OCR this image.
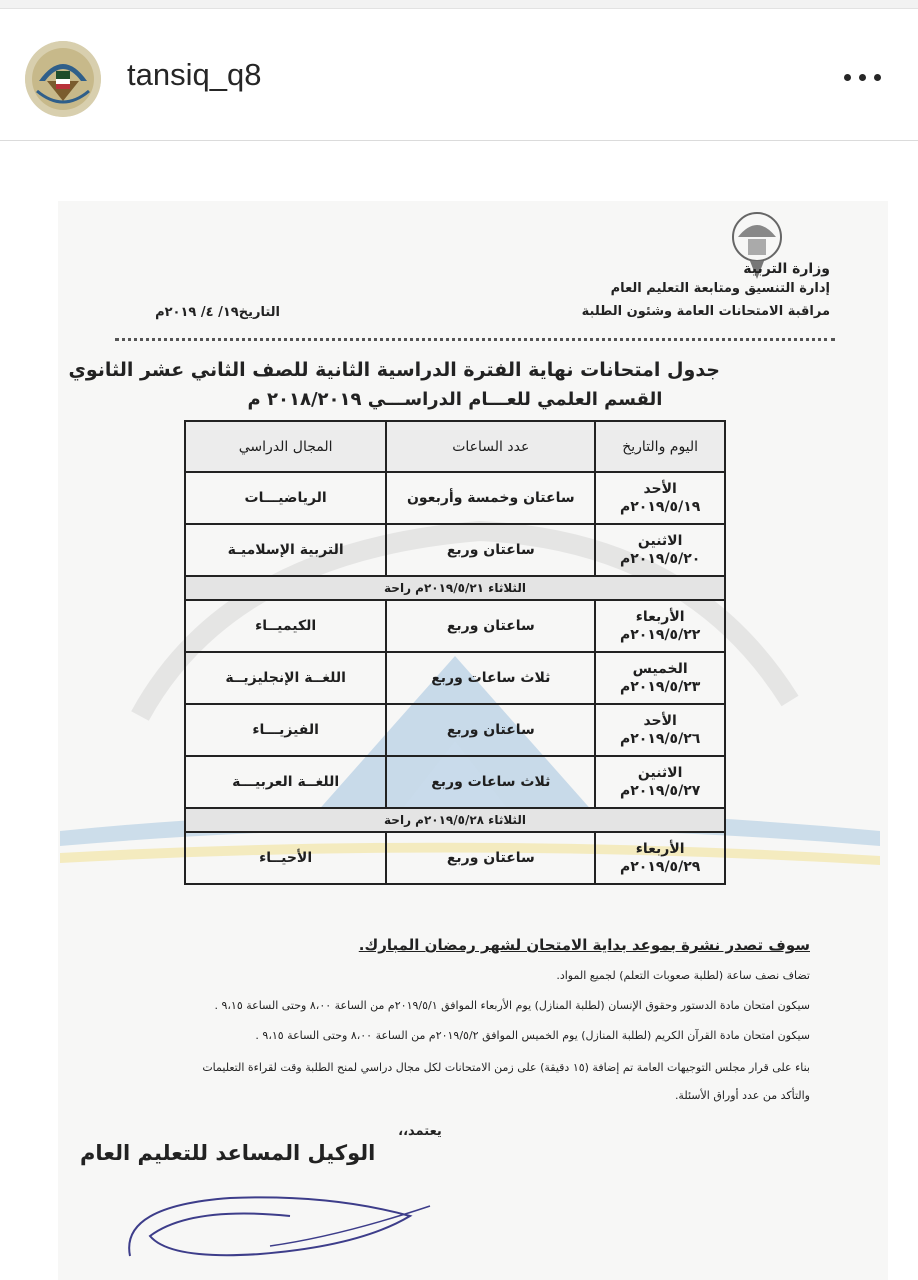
tansiq_q8
وزارة التربية
إدارة التنسيق ومتابعة التعليم العام
مراقبة الامتحانات العامة وشئون الطلبة
التاريخ١٩/ ٤/ ٢٠١٩م
جدول امتحانات نهاية الفترة الدراسية الثانية للصف الثاني عشر الثانوي
القسم العلمي للعـــام الدراســـي ٢٠١٨/٢٠١٩ م
اليوم والتاريخ	عدد الساعات	المجال الدراسي

الأحد
٢٠١٩/٥/١٩م	ساعتان وخمسة وأربعون	الرياضيـــات

الاثنين
٢٠١٩/٥/٢٠م	ساعتان وربع	التربية الإسلاميـة
الثلاثاء ٢٠١٩/٥/٢١م راحة		

الأربعاء
٢٠١٩/٥/٢٢م	ساعتان وربع	الكيميــاء

الخميس
٢٠١٩/٥/٢٣م	ثلاث ساعات وربع	اللغــة الإنجليزيــة

الأحد
٢٠١٩/٥/٢٦م	ساعتان وربع	الفيزيـــاء

الاثنين
٢٠١٩/٥/٢٧م	ثلاث ساعات وربع	اللغــة العربيـــة
الثلاثاء ٢٠١٩/٥/٢٨م راحة		

الأربعاء
٢٠١٩/٥/٢٩م	ساعتان وربع	الأحيــاء
سوف تصدر نشرة بموعد بداية الامتحان لشهر رمضان المبارك.
تضاف نصف ساعة (لطلبة صعوبات التعلم) لجميع المواد.
سيكون امتحان مادة الدستور وحقوق الإنسان (لطلبة المنازل) يوم الأربعاء الموافق ٢٠١٩/٥/١م من الساعة ٨،٠٠ وحتى الساعة ٩،١٥ .
سيكون امتحان مادة القرآن الكريم (لطلبة المنازل) يوم الخميس الموافق ٢٠١٩/٥/٢م من الساعة ٨،٠٠ وحتى الساعة ٩،١٥ .
بناء على قرار مجلس التوجيهات العامة تم إضافة (١٥ دقيقة) على زمن الامتحانات لكل مجال دراسي لمنح الطلبة وقت لقراءة التعليمات
والتأكد من عدد أوراق الأسئلة.
يعتمد،،
الوكيل المساعد للتعليم العام
